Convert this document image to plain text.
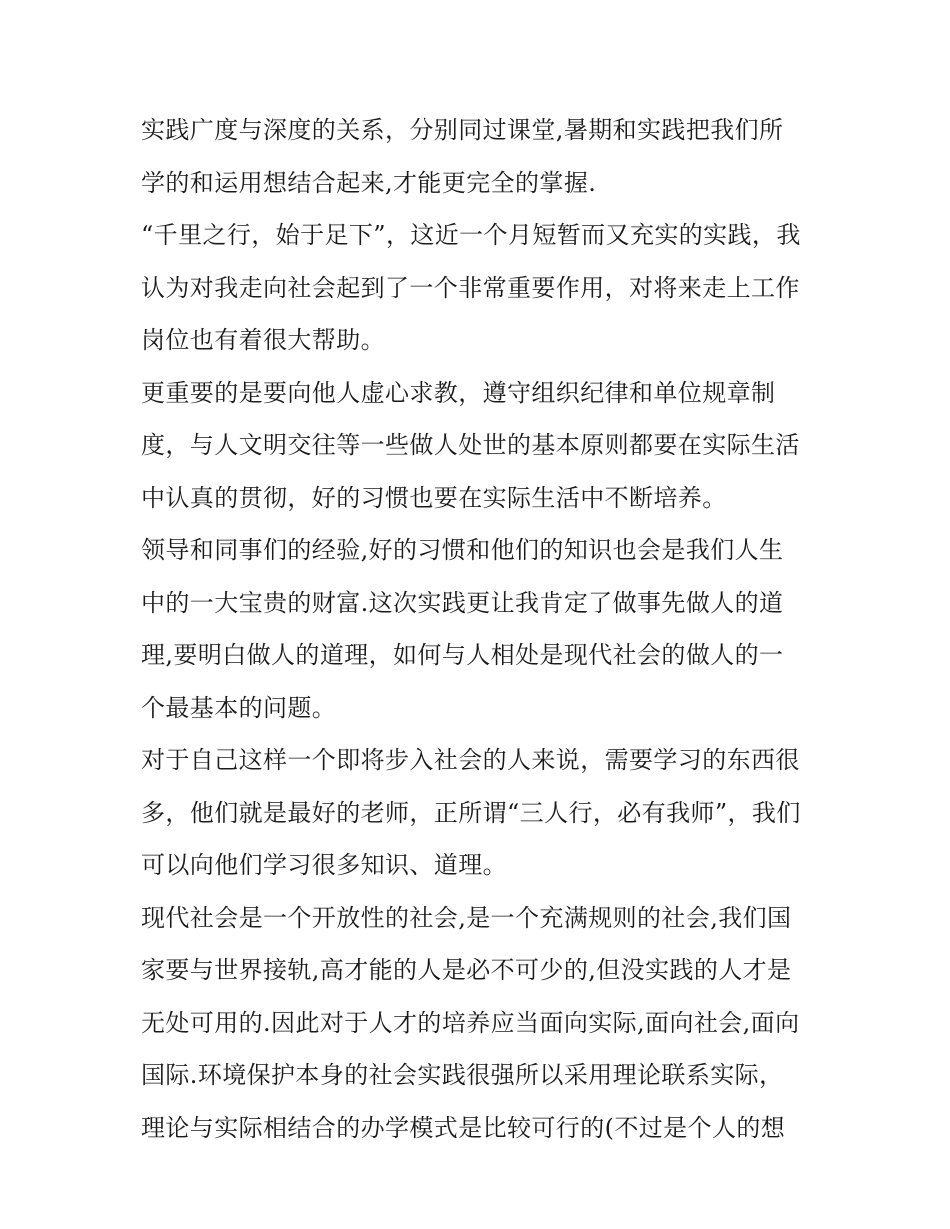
实践广度与深度的关系，分别同过课堂,暑期和实践把我们所
学的和运用想结合起来,才能更完全的掌握.
“千里之行，始于足下”，这近一个月短暂而又充实的实践，我
认为对我走向社会起到了一个非常重要作用，对将来走上工作
岗位也有着很大帮助。
更重要的是要向他人虚心求教，遵守组织纪律和单位规章制
度，与人文明交往等一些做人处世的基本原则都要在实际生活
中认真的贯彻，好的习惯也要在实际生活中不断培养。
领导和同事们的经验,好的习惯和他们的知识也会是我们人生
中的一大宝贵的财富.这次实践更让我肯定了做事先做人的道
理,要明白做人的道理，如何与人相处是现代社会的做人的一
个最基本的问题。
对于自己这样一个即将步入社会的人来说，需要学习的东西很
多，他们就是最好的老师，正所谓“三人行，必有我师”，我们
可以向他们学习很多知识、道理。
现代社会是一个开放性的社会,是一个充满规则的社会,我们国
家要与世界接轨,高才能的人是必不可少的,但没实践的人才是
无处可用的.因此对于人才的培养应当面向实际,面向社会,面向
国际.环境保护本身的社会实践很强所以采用理论联系实际，
理论与实际相结合的办学模式是比较可行的(不过是个人的想
